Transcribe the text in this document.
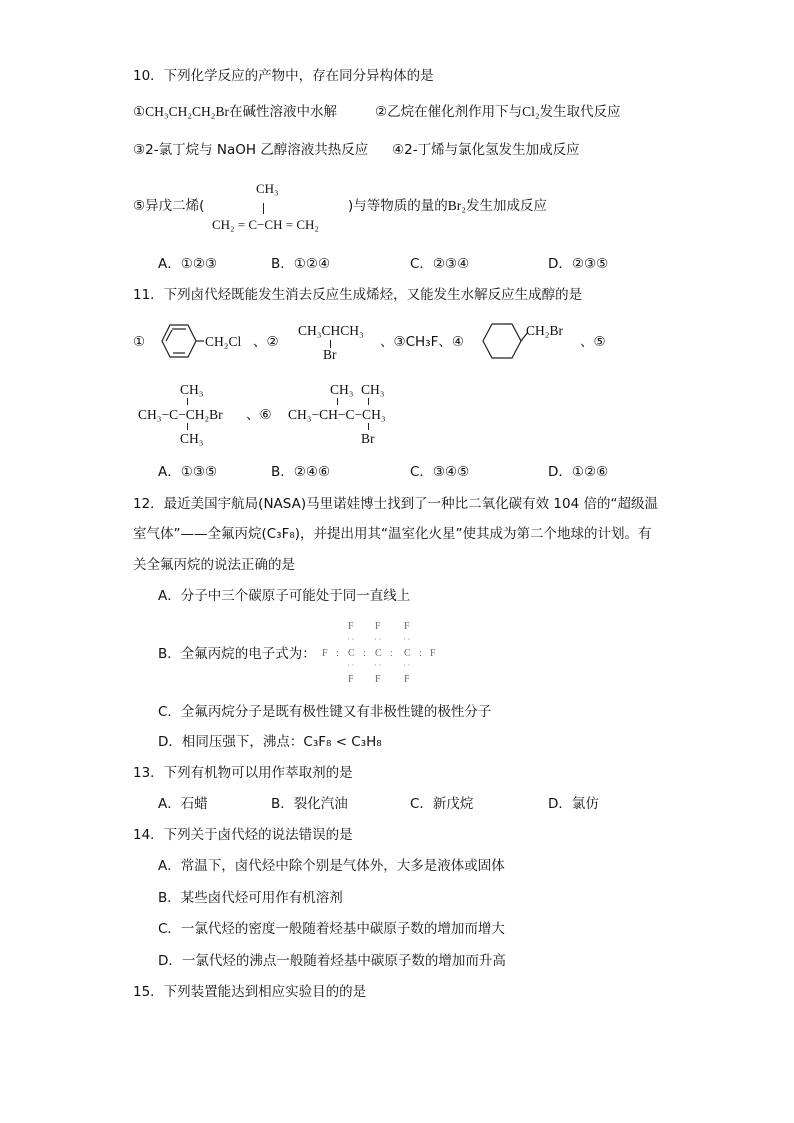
10．下列化学反应的产物中，存在同分异构体的是
①CH₃CH₂CH₂Br在碱性溶液中水解	②乙烷在催化剂作用下与Cl₂发生取代反应
③2-氯丁烷与 NaOH 乙醇溶液共热反应 ④2-丁烯与氯化氢发生加成反应
⑤异戊二烯(
CH₃
CH₂ = C−CH = CH₂
)与等物质的量的Br₂发生加成反应
A．①②③	B．①②④	C．②③④	D．②③⑤
11．下列卤代烃既能发生消去反应生成烯烃，又能发生水解反应生成醇的是
①	CH₂Cl 、②
CH₃CHCH₃
Br
、③CH₃F、④
CH₂Br
、⑤
CH₃
CH₃−C−CH₂Br
CH₃
、⑥
CH₃ CH₃
CH₃−CH−C−CH₃
Br
A．①③⑤	B．②④⑥	C．③④⑤	D．①②⑥
12．最近美国宇航局(NASA)马里诺娃博士找到了一种比二氧化碳有效 104 倍的“超级温
室气体”——全氟丙烷(C₃F₈)，并提出用其“温室化火星”使其成为第二个地球的计划。有
关全氟丙烷的说法正确的是
A．分子中三个碳原子可能处于同一直线上
B．全氟丙烷的电子式为：
F F F
· · · ·	· ·
F : C : C : C : F
· · · ·	· ·
F F F
C．全氟丙烷分子是既有极性键又有非极性键的极性分子
D．相同压强下，沸点：C₃F₈ < C₃H₈
13．下列有机物可以用作萃取剂的是
A．石蜡	B．裂化汽油	C．新戊烷	D．氯仿
14．下列关于卤代烃的说法错误的是
A．常温下，卤代烃中除个别是气体外，大多是液体或固体
B．某些卤代烃可用作有机溶剂
C．一氯代烃的密度一般随着烃基中碳原子数的增加而增大
D．一氯代烃的沸点一般随着烃基中碳原子数的增加而升高
15．下列装置能达到相应实验目的的是
